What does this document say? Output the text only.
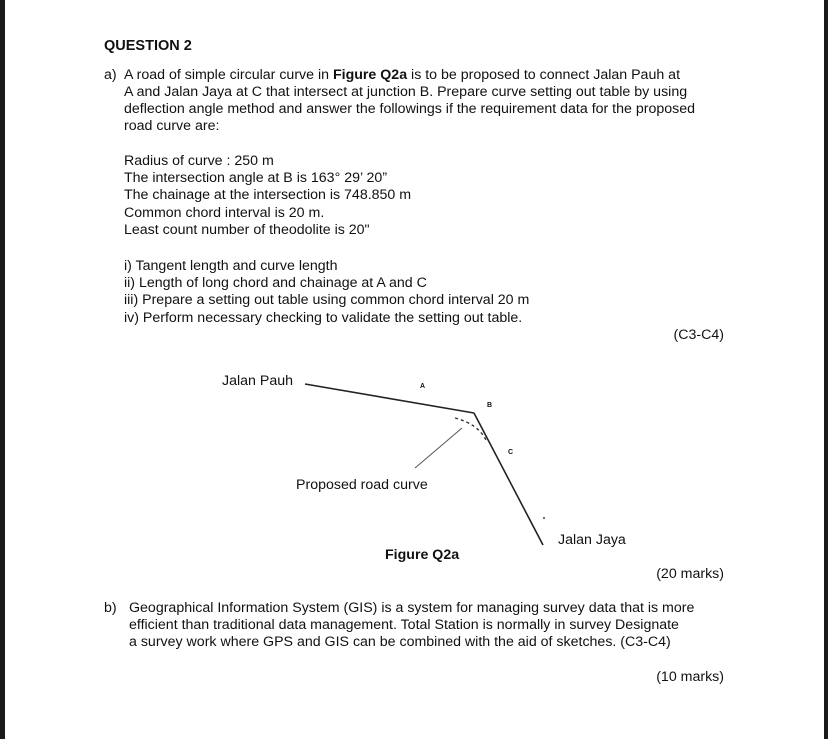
QUESTION 2
a) A road of simple circular curve in Figure Q2a is to be proposed to connect Jalan Pauh at
A and Jalan Jaya at C that intersect at junction B. Prepare curve setting out table by using
deflection angle method and answer the followings if the requirement data for the proposed
road curve are:
Radius of curve : 250 m
The intersection angle at B is 163° 29’ 20”
The chainage at the intersection is 748.850 m
Common chord interval is 20 m.
Least count number of theodolite is 20"
i) Tangent length and curve length
ii) Length of long chord and chainage at A and C
iii) Prepare a setting out table using common chord interval 20 m
iv) Perform necessary checking to validate the setting out table.
(C3-C4)
Jalan Pauh	A
B
C
Proposed road curve
Jalan Jaya
Figure Q2a
(20 marks)
b) Geographical Information System (GIS) is a system for managing survey data that is more
efficient than traditional data management. Total Station is normally in survey Designate
a survey work where GPS and GIS can be combined with the aid of sketches. (C3-C4)
(10 marks)
